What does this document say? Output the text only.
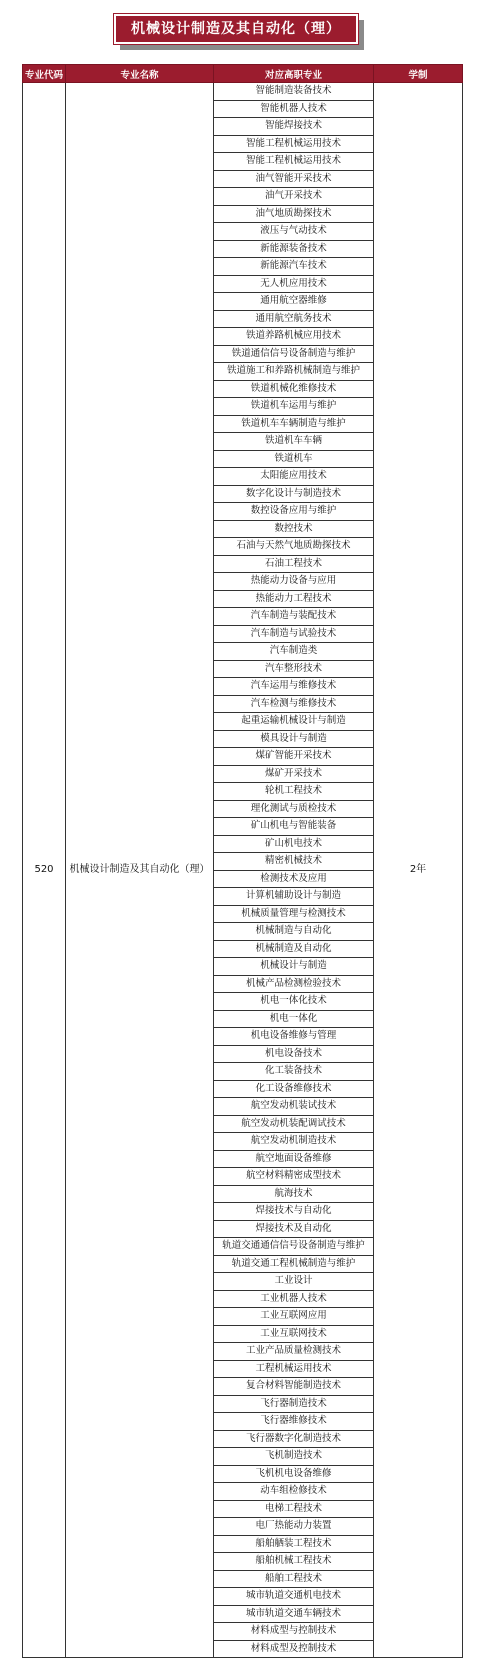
机械设计制造及其自动化（理）
专业代码	专业名称	对应高职专业	学制
520	机械设计制造及其自动化（理）	智能制造装备技术	2年
		智能机器人技术	
		智能焊接技术	
		智能工程机械运用技术	
		智能工程机械运用技术	
		油气智能开采技术	
		油气开采技术	
		油气地质勘探技术	
		液压与气动技术	
		新能源装备技术	
		新能源汽车技术	
		无人机应用技术	
		通用航空器维修	
		通用航空航务技术	
		铁道养路机械应用技术	
		铁道通信信号设备制造与维护	
		铁道施工和养路机械制造与维护	
		铁道机械化维修技术	
		铁道机车运用与维护	
		铁道机车车辆制造与维护	
		铁道机车车辆	
		铁道机车	
		太阳能应用技术	
		数字化设计与制造技术	
		数控设备应用与维护	
		数控技术	
		石油与天然气地质勘探技术	
		石油工程技术	
		热能动力设备与应用	
		热能动力工程技术	
		汽车制造与装配技术	
		汽车制造与试验技术	
		汽车制造类	
		汽车整形技术	
		汽车运用与维修技术	
		汽车检测与维修技术	
		起重运输机械设计与制造	
		模具设计与制造	
		煤矿智能开采技术	
		煤矿开采技术	
		轮机工程技术	
		理化测试与质检技术	
		矿山机电与智能装备	
		矿山机电技术	
		精密机械技术	
		检测技术及应用	
		计算机辅助设计与制造	
		机械质量管理与检测技术	
		机械制造与自动化	
		机械制造及自动化	
		机械设计与制造	
		机械产品检测检验技术	
		机电一体化技术	
		机电一体化	
		机电设备维修与管理	
		机电设备技术	
		化工装备技术	
		化工设备维修技术	
		航空发动机装试技术	
		航空发动机装配调试技术	
		航空发动机制造技术	
		航空地面设备维修	
		航空材料精密成型技术	
		航海技术	
		焊接技术与自动化	
		焊接技术及自动化	
		轨道交通通信信号设备制造与维护	
		轨道交通工程机械制造与维护	
		工业设计	
		工业机器人技术	
		工业互联网应用	
		工业互联网技术	
		工业产品质量检测技术	
		工程机械运用技术	
		复合材料智能制造技术	
		飞行器制造技术	
		飞行器维修技术	
		飞行器数字化制造技术	
		飞机制造技术	
		飞机机电设备维修	
		动车组检修技术	
		电梯工程技术	
		电厂热能动力装置	
		船舶舾装工程技术	
		船舶机械工程技术	
		船舶工程技术	
		城市轨道交通机电技术	
		城市轨道交通车辆技术	
		材料成型与控制技术	
		材料成型及控制技术	
